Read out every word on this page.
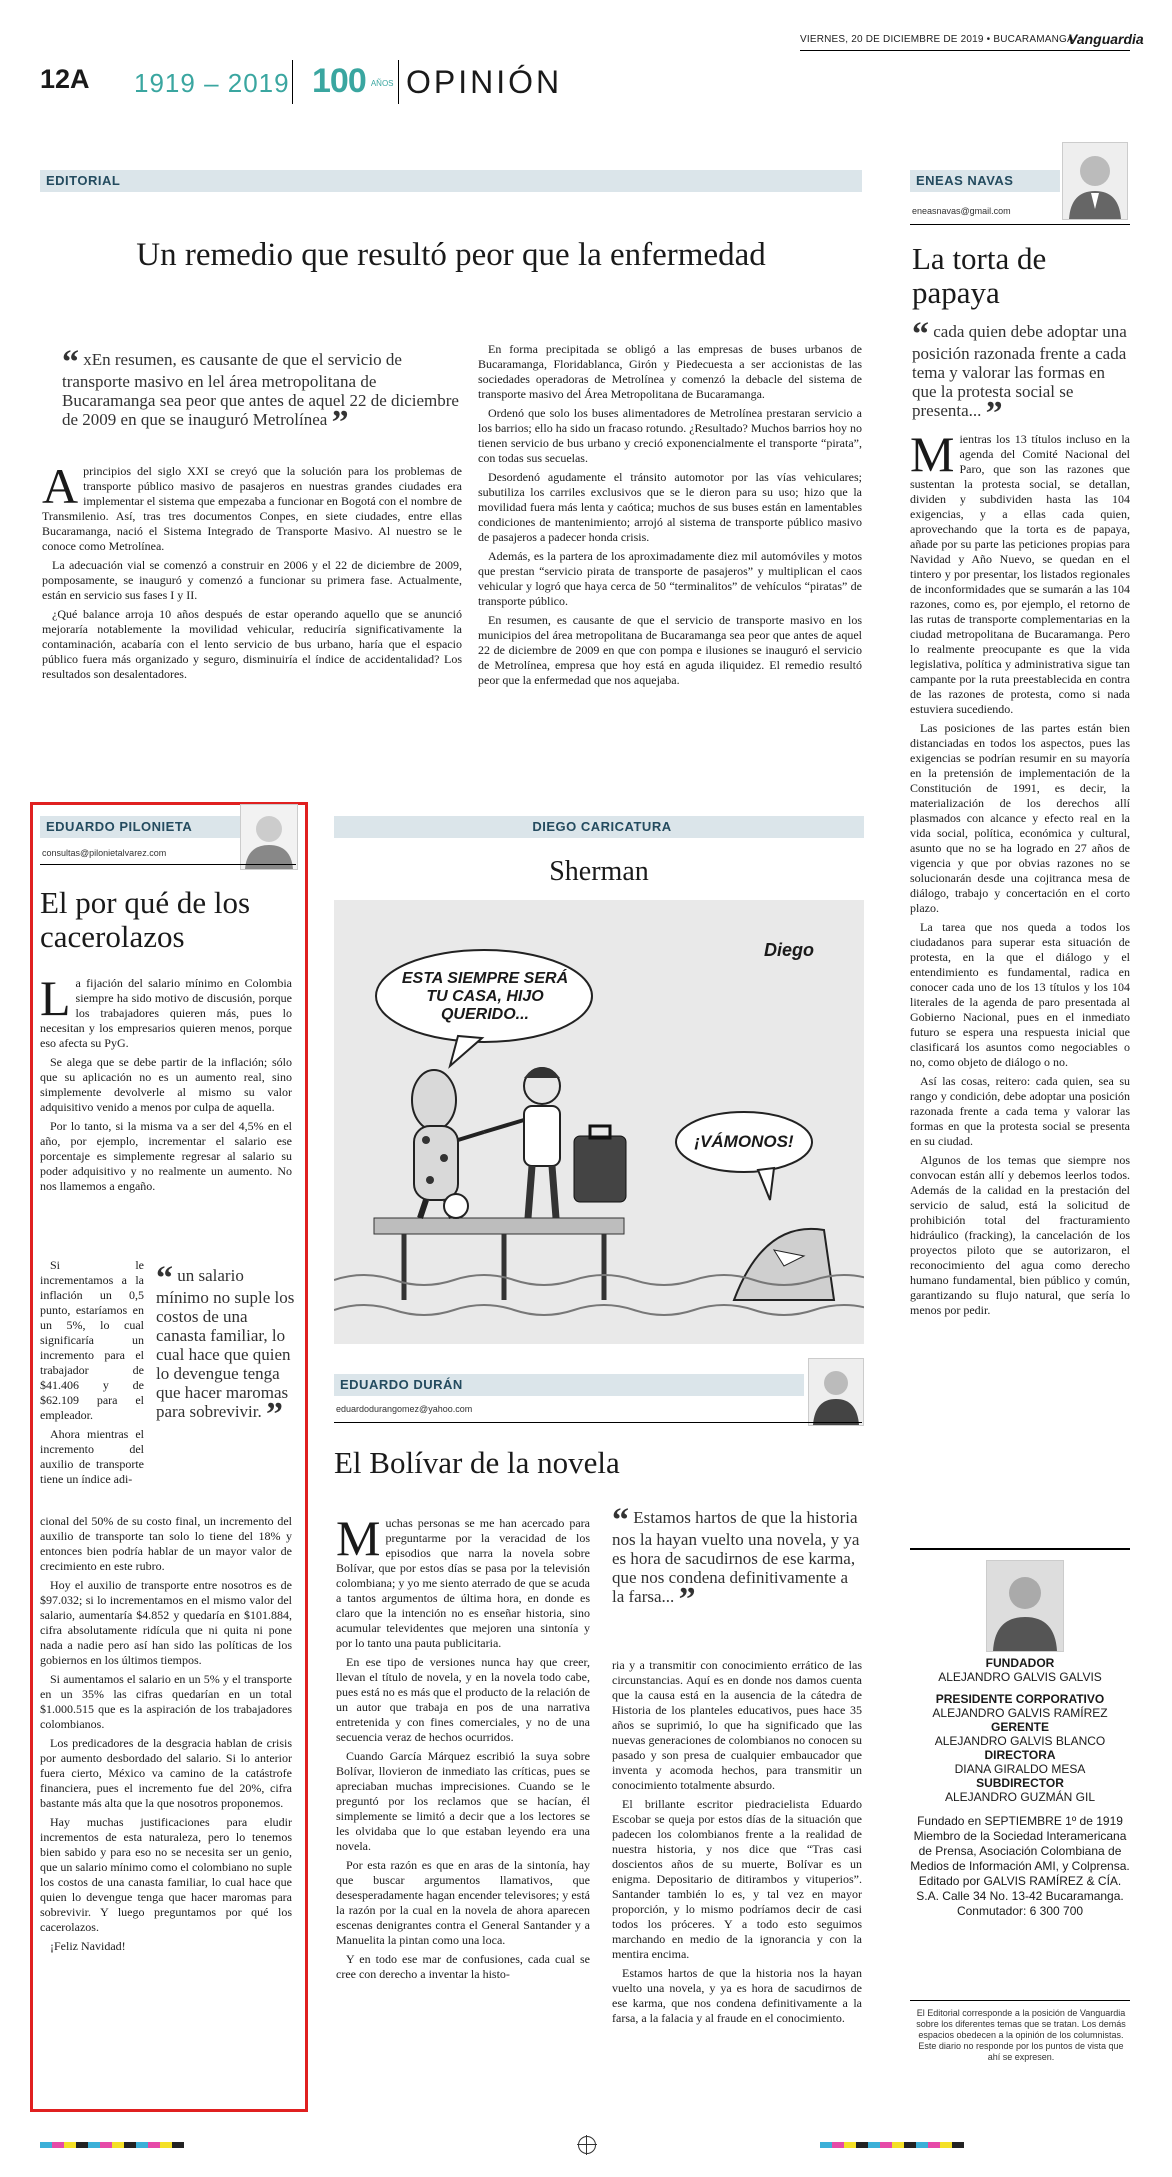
VIERNES, 20 DE DICIEMBRE DE 2019 • BUCARAMANGA
Vanguardia
12A 1919 – 2019 100 $^{AÑOS}$ OPINIÓN
EDITORIAL
Un remedio que resultó peor que la enfermedad
“ xEn resumen, es causante de que el servicio de transporte masivo en lel área metropolitana de Bucaramanga sea peor que antes de aquel 22 de diciembre de 2009 en que se inauguró Metrolínea ”
A principios del siglo XXI se creyó que la solución para los problemas de transporte público masivo de pasajeros en nuestras grandes ciudades era implementar el sistema que empezaba a funcionar en Bogotá con el nombre de Transmilenio. Así, tras tres documentos Conpes, en siete ciudades, entre ellas Bucaramanga, nació el Sistema Integrado de Transporte Masivo. Al nuestro se le conoce como Metrolínea.

La adecuación vial se comenzó a construir en 2006 y el 22 de diciembre de 2009, pomposamente, se inauguró y comenzó a funcionar su primera fase. Actualmente, están en servicio sus fases I y II.

¿Qué balance arroja 10 años después de estar operando aquello que se anunció mejoraría notablemente la movilidad vehicular, reduciría significativamente la contaminación, acabaría con el lento servicio de bus urbano, haría que el espacio público fuera más organizado y seguro, disminuiría el índice de accidentalidad? Los resultados son desalentadores.

En forma precipitada se obligó a las empresas de buses urbanos de Bucaramanga, Floridablanca, Girón y Piedecuesta a ser accionistas de las sociedades operadoras de Metrolínea y comenzó la debacle del sistema de transporte masivo del Área Metropolitana de Bucaramanga.

Ordenó que solo los buses alimentadores de Metrolínea prestaran servicio a los barrios; ello ha sido un fracaso rotundo. ¿Resultado? Muchos barrios hoy no tienen servicio de bus urbano y creció exponencialmente el transporte “pirata”, con todas sus secuelas.

Desordenó agudamente el tránsito automotor por las vías vehiculares; subutiliza los carriles exclusivos que se le dieron para su uso; hizo que la movilidad fuera más lenta y caótica; muchos de sus buses están en lamentables condiciones de mantenimiento; arrojó al sistema de transporte público masivo de pasajeros a padecer honda crisis.

Además, es la partera de los aproximadamente diez mil automóviles y motos que prestan “servicio pirata de transporte de pasajeros” y multiplican el caos vehicular y logró que haya cerca de 50 “terminalitos” de vehículos “piratas” de transporte público.

En resumen, es causante de que el servicio de transporte masivo en los municipios del área metropolitana de Bucaramanga sea peor que antes de aquel 22 de diciembre de 2009 en que con pompa e ilusiones se inauguró el servicio de Metrolínea, empresa que hoy está en aguda iliquidez. El remedio resultó peor que la enfermedad que nos aquejaba.

ENEAS NAVAS
eneasnavas@gmail.com
La torta de papaya
“ cada quien debe adoptar una posición razonada frente a cada tema y valorar las formas en que la protesta social se presenta... ”
M ientras los 13 títulos incluso en la agenda del Comité Nacional del Paro, que son las razones que sustentan la protesta social, se detallan, dividen y subdividen hasta las 104 exigencias, y a ellas cada quien, aprovechando que la torta es de papaya, añade por su parte las peticiones propias para Navidad y Año Nuevo, se quedan en el tintero y por presentar, los listados regionales de inconformidades que se sumarán a las 104 razones, como es, por ejemplo, el retorno de las rutas de transporte complementarias en la ciudad metropolitana de Bucaramanga. Pero lo realmente preocupante es que la vida legislativa, política y administrativa sigue tan campante por la ruta preestablecida en contra de las razones de protesta, como si nada estuviera sucediendo.

Las posiciones de las partes están bien distanciadas en todos los aspectos, pues las exigencias se podrían resumir en su mayoría en la pretensión de implementación de la Constitución de 1991, es decir, la materialización de los derechos allí plasmados con alcance y efecto real en la vida social, política, económica y cultural, asunto que no se ha logrado en 27 años de vigencia y que por obvias razones no se solucionarán desde una cojitranca mesa de diálogo, trabajo y concertación en el corto plazo.

La tarea que nos queda a todos los ciudadanos para superar esta situación de protesta, en la que el diálogo y el entendimiento es fundamental, radica en conocer cada uno de los 13 títulos y los 104 literales de la agenda de paro presentada al Gobierno Nacional, pues en el inmediato futuro se espera una respuesta inicial que clasificará los asuntos como negociables o no, como objeto de diálogo o no.

Así las cosas, reitero: cada quien, sea su rango y condición, debe adoptar una posición razonada frente a cada tema y valorar las formas en que la protesta social se presenta en su ciudad.

Algunos de los temas que siempre nos convocan están allí y debemos leerlos todos. Además de la calidad en la prestación del servicio de salud, está la solicitud de prohibición total del fracturamiento hidráulico (fracking), la cancelación de los proyectos piloto que se autorizaron, el reconocimiento del agua como derecho humano fundamental, bien público y común, garantizando su flujo natural, que sería lo menos por pedir.

FUNDADOR
ALEJANDRO GALVIS GALVIS
PRESIDENTE CORPORATIVO
ALEJANDRO GALVIS RAMÍREZ
GERENTE
ALEJANDRO GALVIS BLANCO
DIRECTORA
DIANA GIRALDO MESA
SUBDIRECTOR
ALEJANDRO GUZMÁN GIL
Fundado en SEPTIEMBRE 1º de 1919 Miembro de la Sociedad Interamericana de Prensa, Asociación Colombiana de Medios de Información AMI, y Colprensa. Editado por GALVIS RAMÍREZ & CÍA. S.A. Calle 34 No. 13-42 Bucaramanga. Conmutador: 6 300 700
El Editorial corresponde a la posición de Vanguardia sobre los diferentes temas que se tratan. Los demás espacios obedecen a la opinión de los columnistas. Este diario no responde por los puntos de vista que ahí se expresen.
EDUARDO PILONIETA
consultas@pilonietalvarez.com
El por qué de los cacerolazos
L a fijación del salario mínimo en Colombia siempre ha sido motivo de discusión, porque los trabajadores quieren más, pues lo necesitan y los empresarios quieren menos, porque eso afecta su PyG.

Se alega que se debe partir de la inflación; sólo que su aplicación no es un aumento real, sino simplemente devolverle al mismo su valor adquisitivo venido a menos por culpa de aquella.

Por lo tanto, si la misma va a ser del 4,5% en el año, por ejemplo, incrementar el salario ese porcentaje es simplemente regresar al salario su poder adquisitivo y no realmente un aumento. No nos llamemos a engaño.

Si le incrementamos a la inflación un 0,5 punto, estaríamos en un 5%, lo cual significaría un incremento para el trabajador de $41.406 y de $62.109 para el empleador.

Ahora mientras el incremento del auxilio de transporte tiene un índice adi-

“ un salario mínimo no suple los costos de una canasta familiar, lo cual hace que quien lo devengue tenga que hacer maromas para sobrevivir. ”

cional del 50% de su costo final, un incremento del auxilio de transporte tan solo lo tiene del 18% y entonces bien podría hablar de un mayor valor de crecimiento en este rubro.

Hoy el auxilio de transporte entre nosotros es de $97.032; si lo incrementamos en el mismo valor del salario, aumentaría $4.852 y quedaría en $101.884, cifra absolutamente ridícula que ni quita ni pone nada a nadie pero así han sido las políticas de los gobiernos en los últimos tiempos.

Si aumentamos el salario en un 5% y el transporte en un 35% las cifras quedarían en un total $1.000.515 que es la aspiración de los trabajadores colombianos.

Los predicadores de la desgracia hablan de crisis por aumento desbordado del salario. Si lo anterior fuera cierto, México va camino de la catástrofe financiera, pues el incremento fue del 20%, cifra bastante más alta que la que nosotros proponemos.

Hay muchas justificaciones para eludir incrementos de esta naturaleza, pero lo tenemos bien sabido y para eso no se necesita ser un genio, que un salario mínimo como el colombiano no suple los costos de una canasta familiar, lo cual hace que quien lo devengue tenga que hacer maromas para sobrevivir. Y luego preguntamos por qué los cacerolazos.

¡Feliz Navidad!

DIEGO CARICATURA
Sherman
ESTA SIEMPRE SERÁ TU CASA, HIJO QUERIDO...
¡VÁMONOS!
Diego
EDUARDO DURÁN
eduardodurangomez@yahoo.com
El Bolívar de la novela
M uchas personas se me han acercado para preguntarme por la veracidad de los episodios que narra la novela sobre Bolívar, que por estos días se pasa por la televisión colombiana; y yo me siento aterrado de que se acuda a tantos argumentos de última hora, en donde es claro que la intención no es enseñar historia, sino acumular televidentes que mejoren una sintonía y por lo tanto una pauta publicitaria.

En ese tipo de versiones nunca hay que creer, llevan el título de novela, y en la novela todo cabe, pues está no es más que el producto de la relación de un autor que trabaja en pos de una narrativa entretenida y con fines comerciales, y no de una secuencia veraz de hechos ocurridos.

Cuando García Márquez escribió la suya sobre Bolívar, llovieron de inmediato las críticas, pues se apreciaban muchas imprecisiones. Cuando se le preguntó por los reclamos que se hacían, él simplemente se limitó a decir que a los lectores se les olvidaba que lo que estaban leyendo era una novela.

Por esta razón es que en aras de la sintonía, hay que buscar argumentos llamativos, que desesperadamente hagan encender televisores; y está la razón por la cual en la novela de ahora aparecen escenas denigrantes contra el General Santander y a Manuelita la pintan como una loca.

Y en todo ese mar de confusiones, cada cual se cree con derecho a inventar la histo-

“ Estamos hartos de que la historia nos la hayan vuelto una novela, y ya es hora de sacudirnos de ese karma, que nos condena definitivamente a la farsa... ”

ria y a transmitir con conocimiento errático de las circunstancias. Aquí es en donde nos damos cuenta que la causa está en la ausencia de la cátedra de Historia de los planteles educativos, pues hace 35 años se suprimió, lo que ha significado que las nuevas generaciones de colombianos no conocen su pasado y son presa de cualquier embaucador que inventa y acomoda hechos, para transmitir un conocimiento totalmente absurdo.

El brillante escritor piedracielista Eduardo Escobar se queja por estos días de la situación que padecen los colombianos frente a la realidad de nuestra historia, y nos dice que “Tras casi doscientos años de su muerte, Bolívar es un enigma. Depositario de ditirambos y vituperios”. Santander también lo es, y tal vez en mayor proporción, y lo mismo podríamos decir de casi todos los próceres. Y a todo esto seguimos marchando en medio de la ignorancia y con la mentira encima.

Estamos hartos de que la historia nos la hayan vuelto una novela, y ya es hora de sacudirnos de ese karma, que nos condena definitivamente a la farsa, a la falacia y al fraude en el conocimiento.
